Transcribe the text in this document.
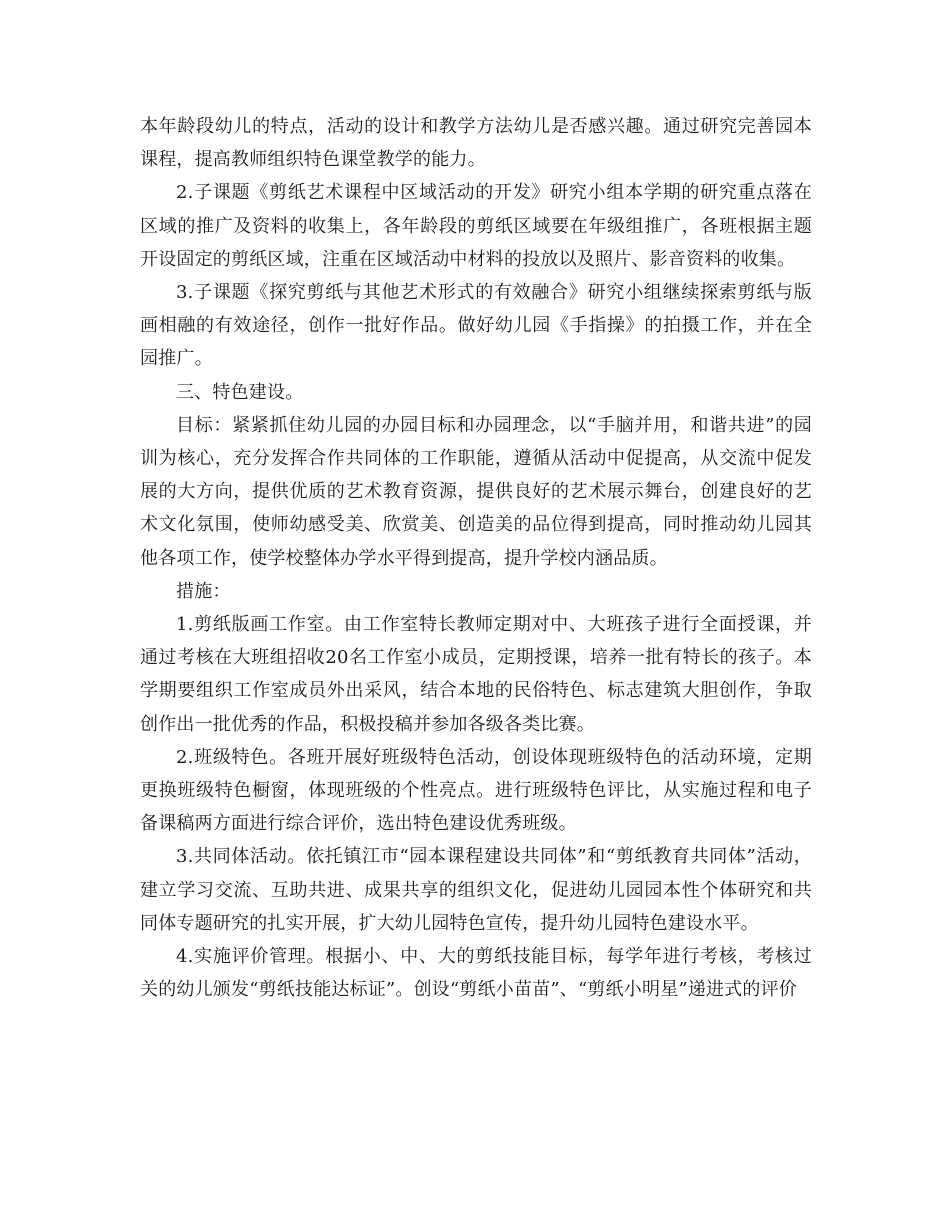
本年龄段幼儿的特点，活动的设计和教学方法幼儿是否感兴趣。通过研究完善园本课程，提高教师组织特色课堂教学的能力。

2.子课题《剪纸艺术课程中区域活动的开发》研究小组本学期的研究重点落在区域的推广及资料的收集上，各年龄段的剪纸区域要在年级组推广，各班根据主题开设固定的剪纸区域，注重在区域活动中材料的投放以及照片、影音资料的收集。

3.子课题《探究剪纸与其他艺术形式的有效融合》研究小组继续探索剪纸与版画相融的有效途径，创作一批好作品。做好幼儿园《手指操》的拍摄工作，并在全园推广。

三、特色建设。

目标：紧紧抓住幼儿园的办园目标和办园理念，以“手脑并用，和谐共进”的园训为核心，充分发挥合作共同体的工作职能，遵循从活动中促提高，从交流中促发展的大方向，提供优质的艺术教育资源，提供良好的艺术展示舞台，创建良好的艺术文化氛围，使师幼感受美、欣赏美、创造美的品位得到提高，同时推动幼儿园其他各项工作，使学校整体办学水平得到提高，提升学校内涵品质。

措施：

1.剪纸版画工作室。由工作室特长教师定期对中、大班孩子进行全面授课，并通过考核在大班组招收20名工作室小成员，定期授课，培养一批有特长的孩子。本学期要组织工作室成员外出采风，结合本地的民俗特色、标志建筑大胆创作，争取创作出一批优秀的作品，积极投稿并参加各级各类比赛。

2.班级特色。各班开展好班级特色活动，创设体现班级特色的活动环境，定期更换班级特色橱窗，体现班级的个性亮点。进行班级特色评比，从实施过程和电子备课稿两方面进行综合评价，选出特色建设优秀班级。

3.共同体活动。依托镇江市“园本课程建设共同体”和“剪纸教育共同体”活动，建立学习交流、互助共进、成果共享的组织文化，促进幼儿园园本性个体研究和共同体专题研究的扎实开展，扩大幼儿园特色宣传，提升幼儿园特色建设水平。

4.实施评价管理。根据小、中、大的剪纸技能目标，每学年进行考核，考核过关的幼儿颁发“剪纸技能达标证”。创设“剪纸小苗苗”、“剪纸小明星”递进式的评价
